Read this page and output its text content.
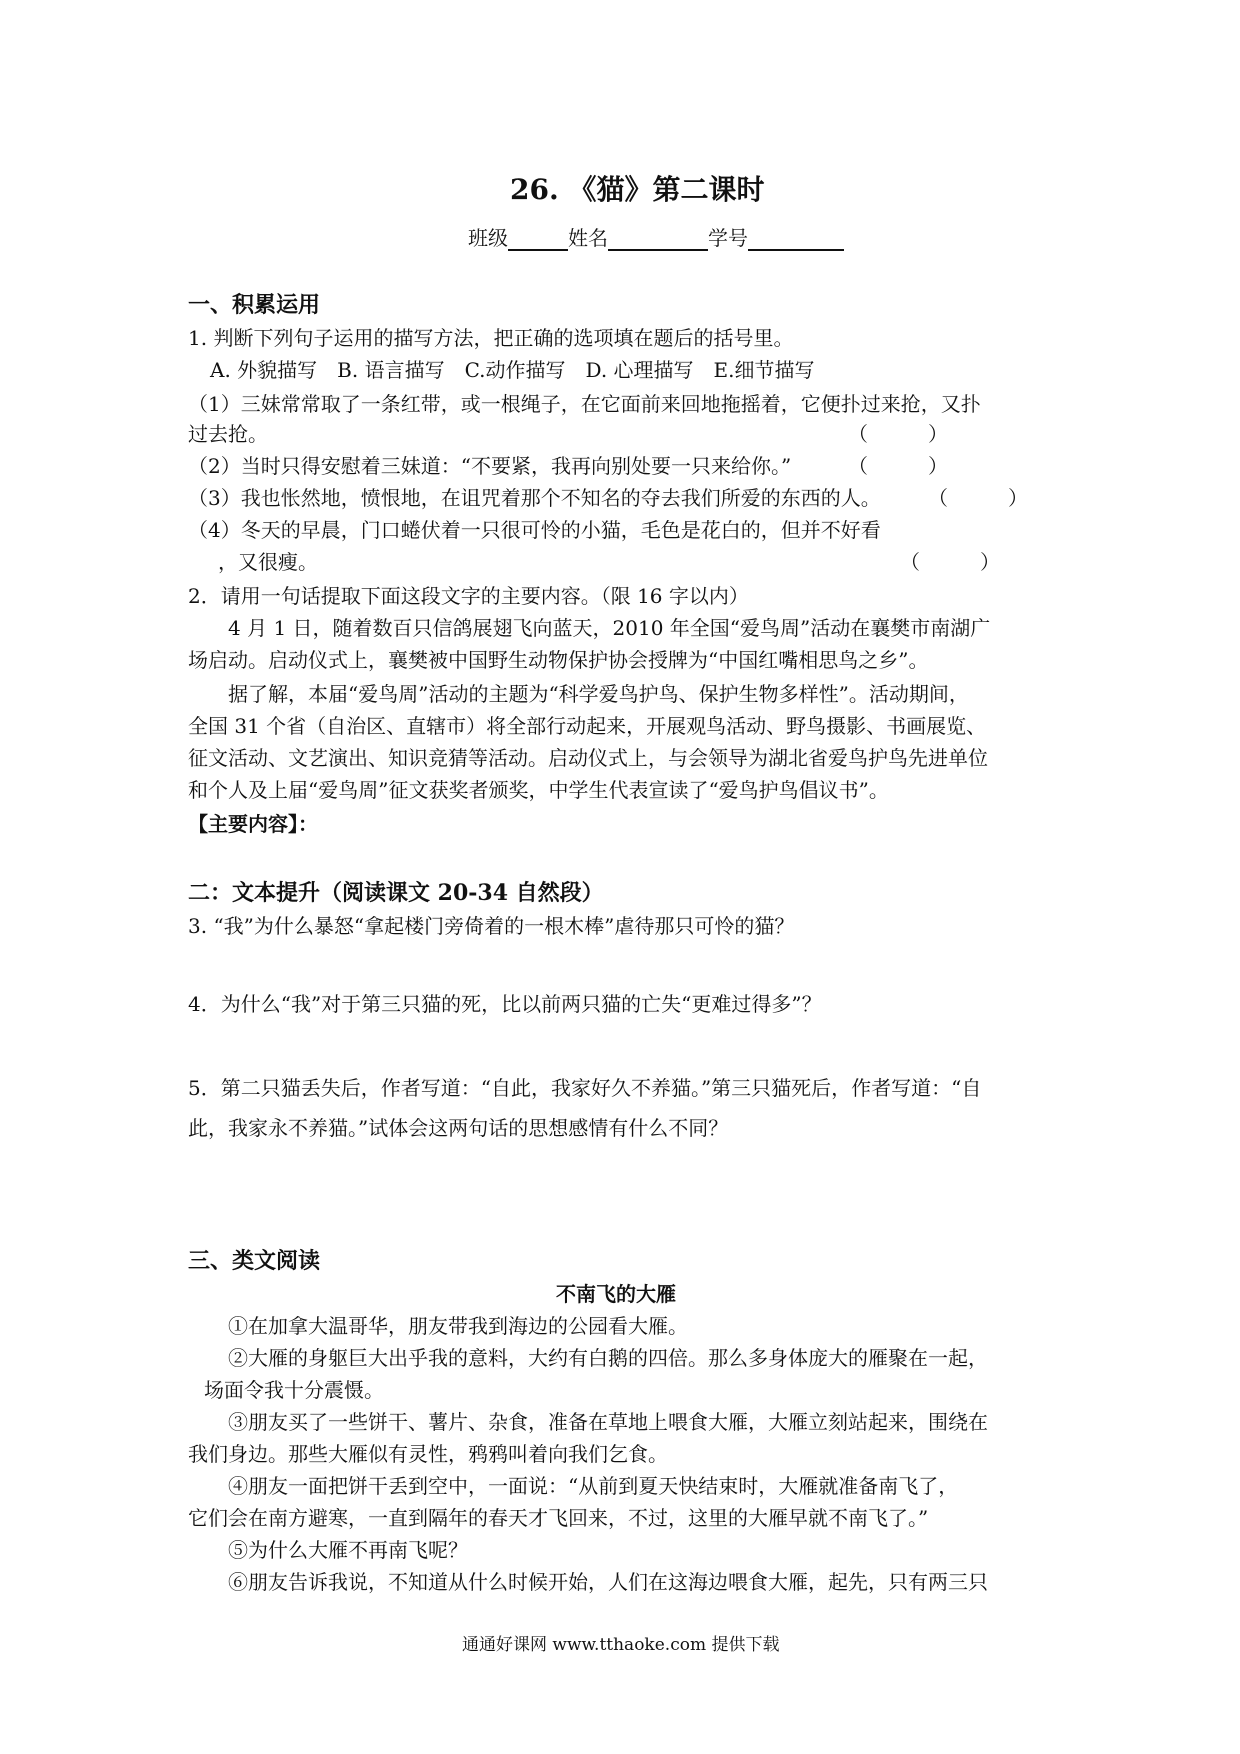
26. 《猫》第二课时
班级	姓名	学号
一、积累运用
1. 判断下列句子运用的描写方法，把正确的选项填在题后的括号里。
A. 外貌描写　B. 语言描写　C.动作描写　D. 心理描写　E.细节描写
（1）三妹常常取了一条红带，或一根绳子，在它面前来回地拖摇着，它便扑过来抢，又扑
过去抢。	（　　　）
（2）当时只得安慰着三妹道：“不要紧，我再向别处要一只来给你。”	（　　　）
（3）我也怅然地，愤恨地，在诅咒着那个不知名的夺去我们所爱的东西的人。 （　　　）
（4）冬天的早晨，门口蜷伏着一只很可怜的小猫，毛色是花白的，但并不好看
，又很瘦。	（　　　）
2．请用一句话提取下面这段文字的主要内容。（限 16 字以内）
4 月 1 日，随着数百只信鸽展翅飞向蓝天，2010 年全国“爱鸟周”活动在襄樊市南湖广
场启动。启动仪式上，襄樊被中国野生动物保护协会授牌为“中国红嘴相思鸟之乡”。
据了解，本届“爱鸟周”活动的主题为“科学爱鸟护鸟、保护生物多样性”。活动期间，
全国 31 个省（自治区、直辖市）将全部行动起来，开展观鸟活动、野鸟摄影、书画展览、
征文活动、文艺演出、知识竞猜等活动。启动仪式上，与会领导为湖北省爱鸟护鸟先进单位
和个人及上届“爱鸟周”征文获奖者颁奖，中学生代表宣读了“爱鸟护鸟倡议书”。
【主要内容】：
二：文本提升（阅读课文 20-34 自然段）
3. “我”为什么暴怒“拿起楼门旁倚着的一根木棒”虐待那只可怜的猫？
4．为什么“我”对于第三只猫的死，比以前两只猫的亡失“更难过得多”？
5．第二只猫丢失后，作者写道：“自此，我家好久不养猫。”第三只猫死后，作者写道：“自
此，我家永不养猫。”试体会这两句话的思想感情有什么不同？
三、类文阅读
不南飞的大雁
①在加拿大温哥华，朋友带我到海边的公园看大雁。
②大雁的身躯巨大出乎我的意料，大约有白鹅的四倍。那么多身体庞大的雁聚在一起，
场面令我十分震慑。
③朋友买了一些饼干、薯片、杂食，准备在草地上喂食大雁，大雁立刻站起来，围绕在
我们身边。那些大雁似有灵性，鸦鸦叫着向我们乞食。
④朋友一面把饼干丢到空中，一面说：“从前到夏天快结束时，大雁就准备南飞了，
它们会在南方避寒，一直到隔年的春天才飞回来，不过，这里的大雁早就不南飞了。”
⑤为什么大雁不再南飞呢？
⑥朋友告诉我说，不知道从什么时候开始，人们在这海边喂食大雁，起先，只有两三只
通通好课网 www.tthaoke.com 提供下载
